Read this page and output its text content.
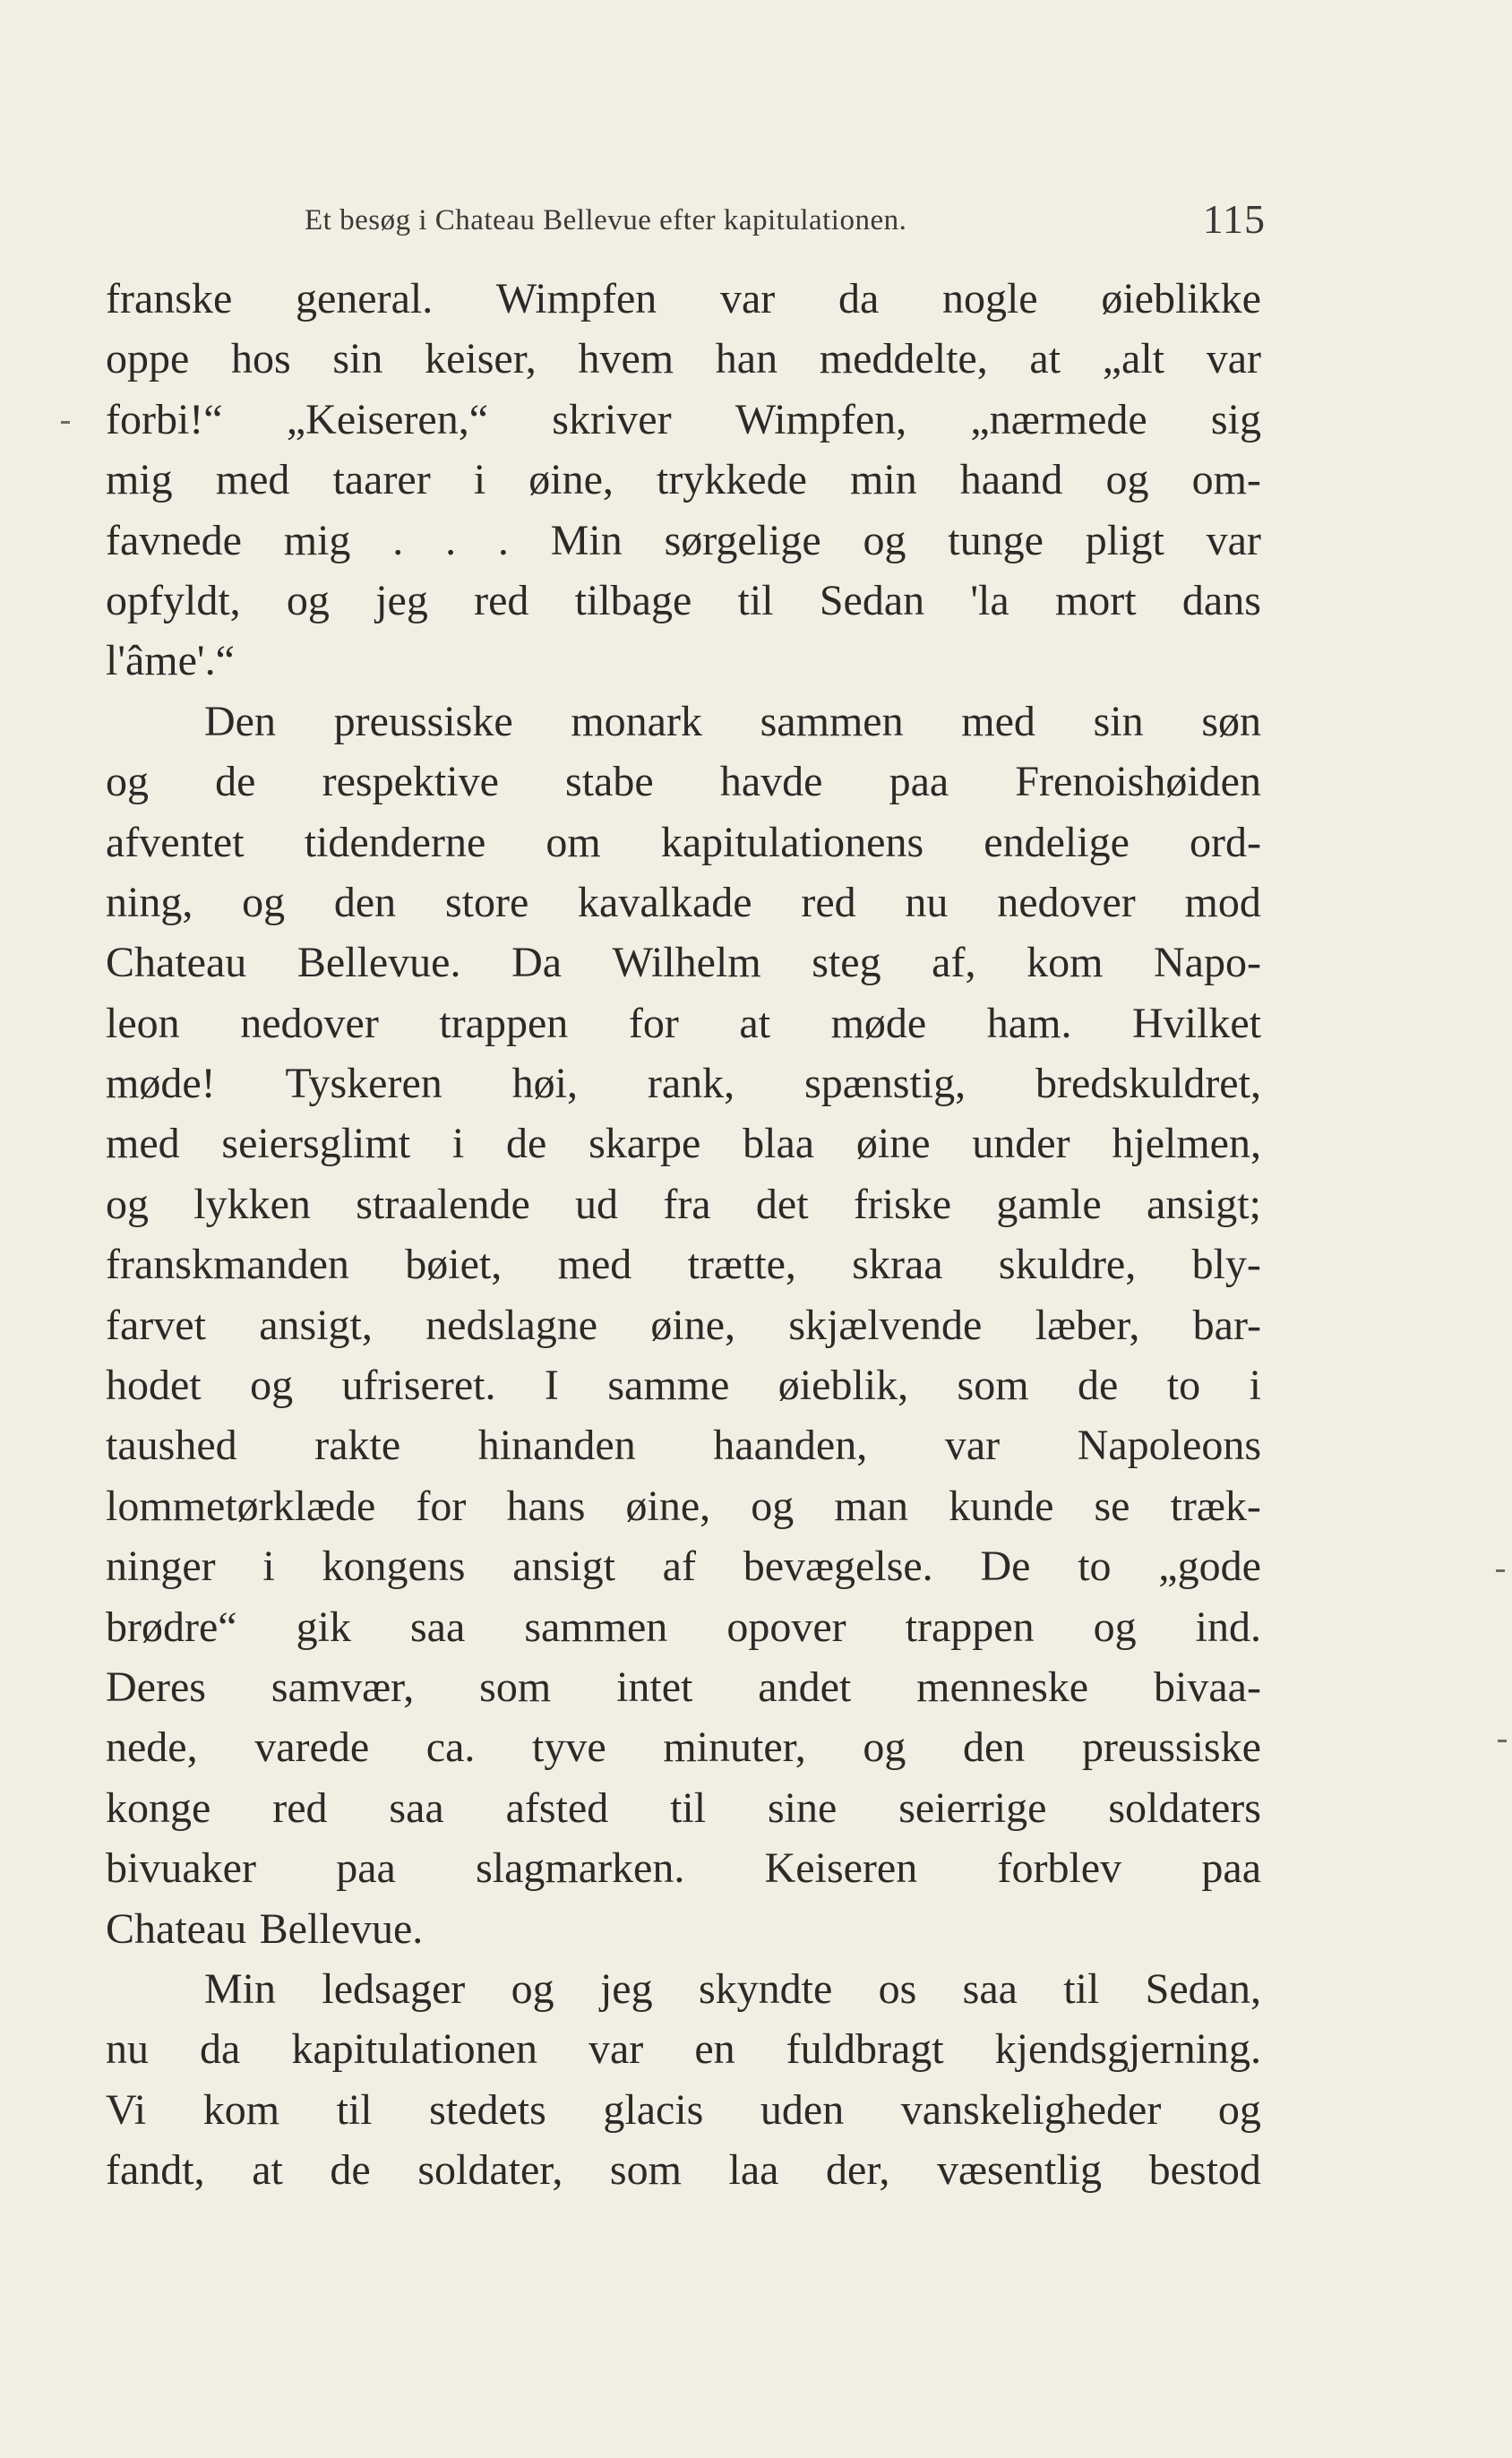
Et besøg i Chateau Bellevue efter kapitulationen.	115
franske general. Wimpfen var da nogle øieblikke
oppe hos sin keiser, hvem han meddelte, at „alt var
forbi!“ „Keiseren,“ skriver Wimpfen, „nærmede sig
mig med taarer i øine, trykkede min haand og om-
favnede mig . . . Min sørgelige og tunge pligt var
opfyldt, og jeg red tilbage til Sedan 'la mort dans
l'âme'.“
Den preussiske monark sammen med sin søn
og de respektive stabe havde paa Frenoishøiden
afventet tidenderne om kapitulationens endelige ord-
ning, og den store kavalkade red nu nedover mod
Chateau Bellevue. Da Wilhelm steg af, kom Napo-
leon nedover trappen for at møde ham. Hvilket
møde! Tyskeren høi, rank, spænstig, bredskuldret,
med seiersglimt i de skarpe blaa øine under hjelmen,
og lykken straalende ud fra det friske gamle ansigt;
franskmanden bøiet, med trætte, skraa skuldre, bly-
farvet ansigt, nedslagne øine, skjælvende læber, bar-
hodet og ufriseret. I samme øieblik, som de to i
taushed rakte hinanden haanden, var Napoleons
lommetørklæde for hans øine, og man kunde se træk-
ninger i kongens ansigt af bevægelse. De to „gode
brødre“ gik saa sammen opover trappen og ind.
Deres samvær, som intet andet menneske bivaa-
nede, varede ca. tyve minuter, og den preussiske
konge red saa afsted til sine seierrige soldaters
bivuaker paa slagmarken. Keiseren forblev paa
Chateau Bellevue.
Min ledsager og jeg skyndte os saa til Sedan,
nu da kapitulationen var en fuldbragt kjendsgjerning.
Vi kom til stedets glacis uden vanskeligheder og
fandt, at de soldater, som laa der, væsentlig bestod
